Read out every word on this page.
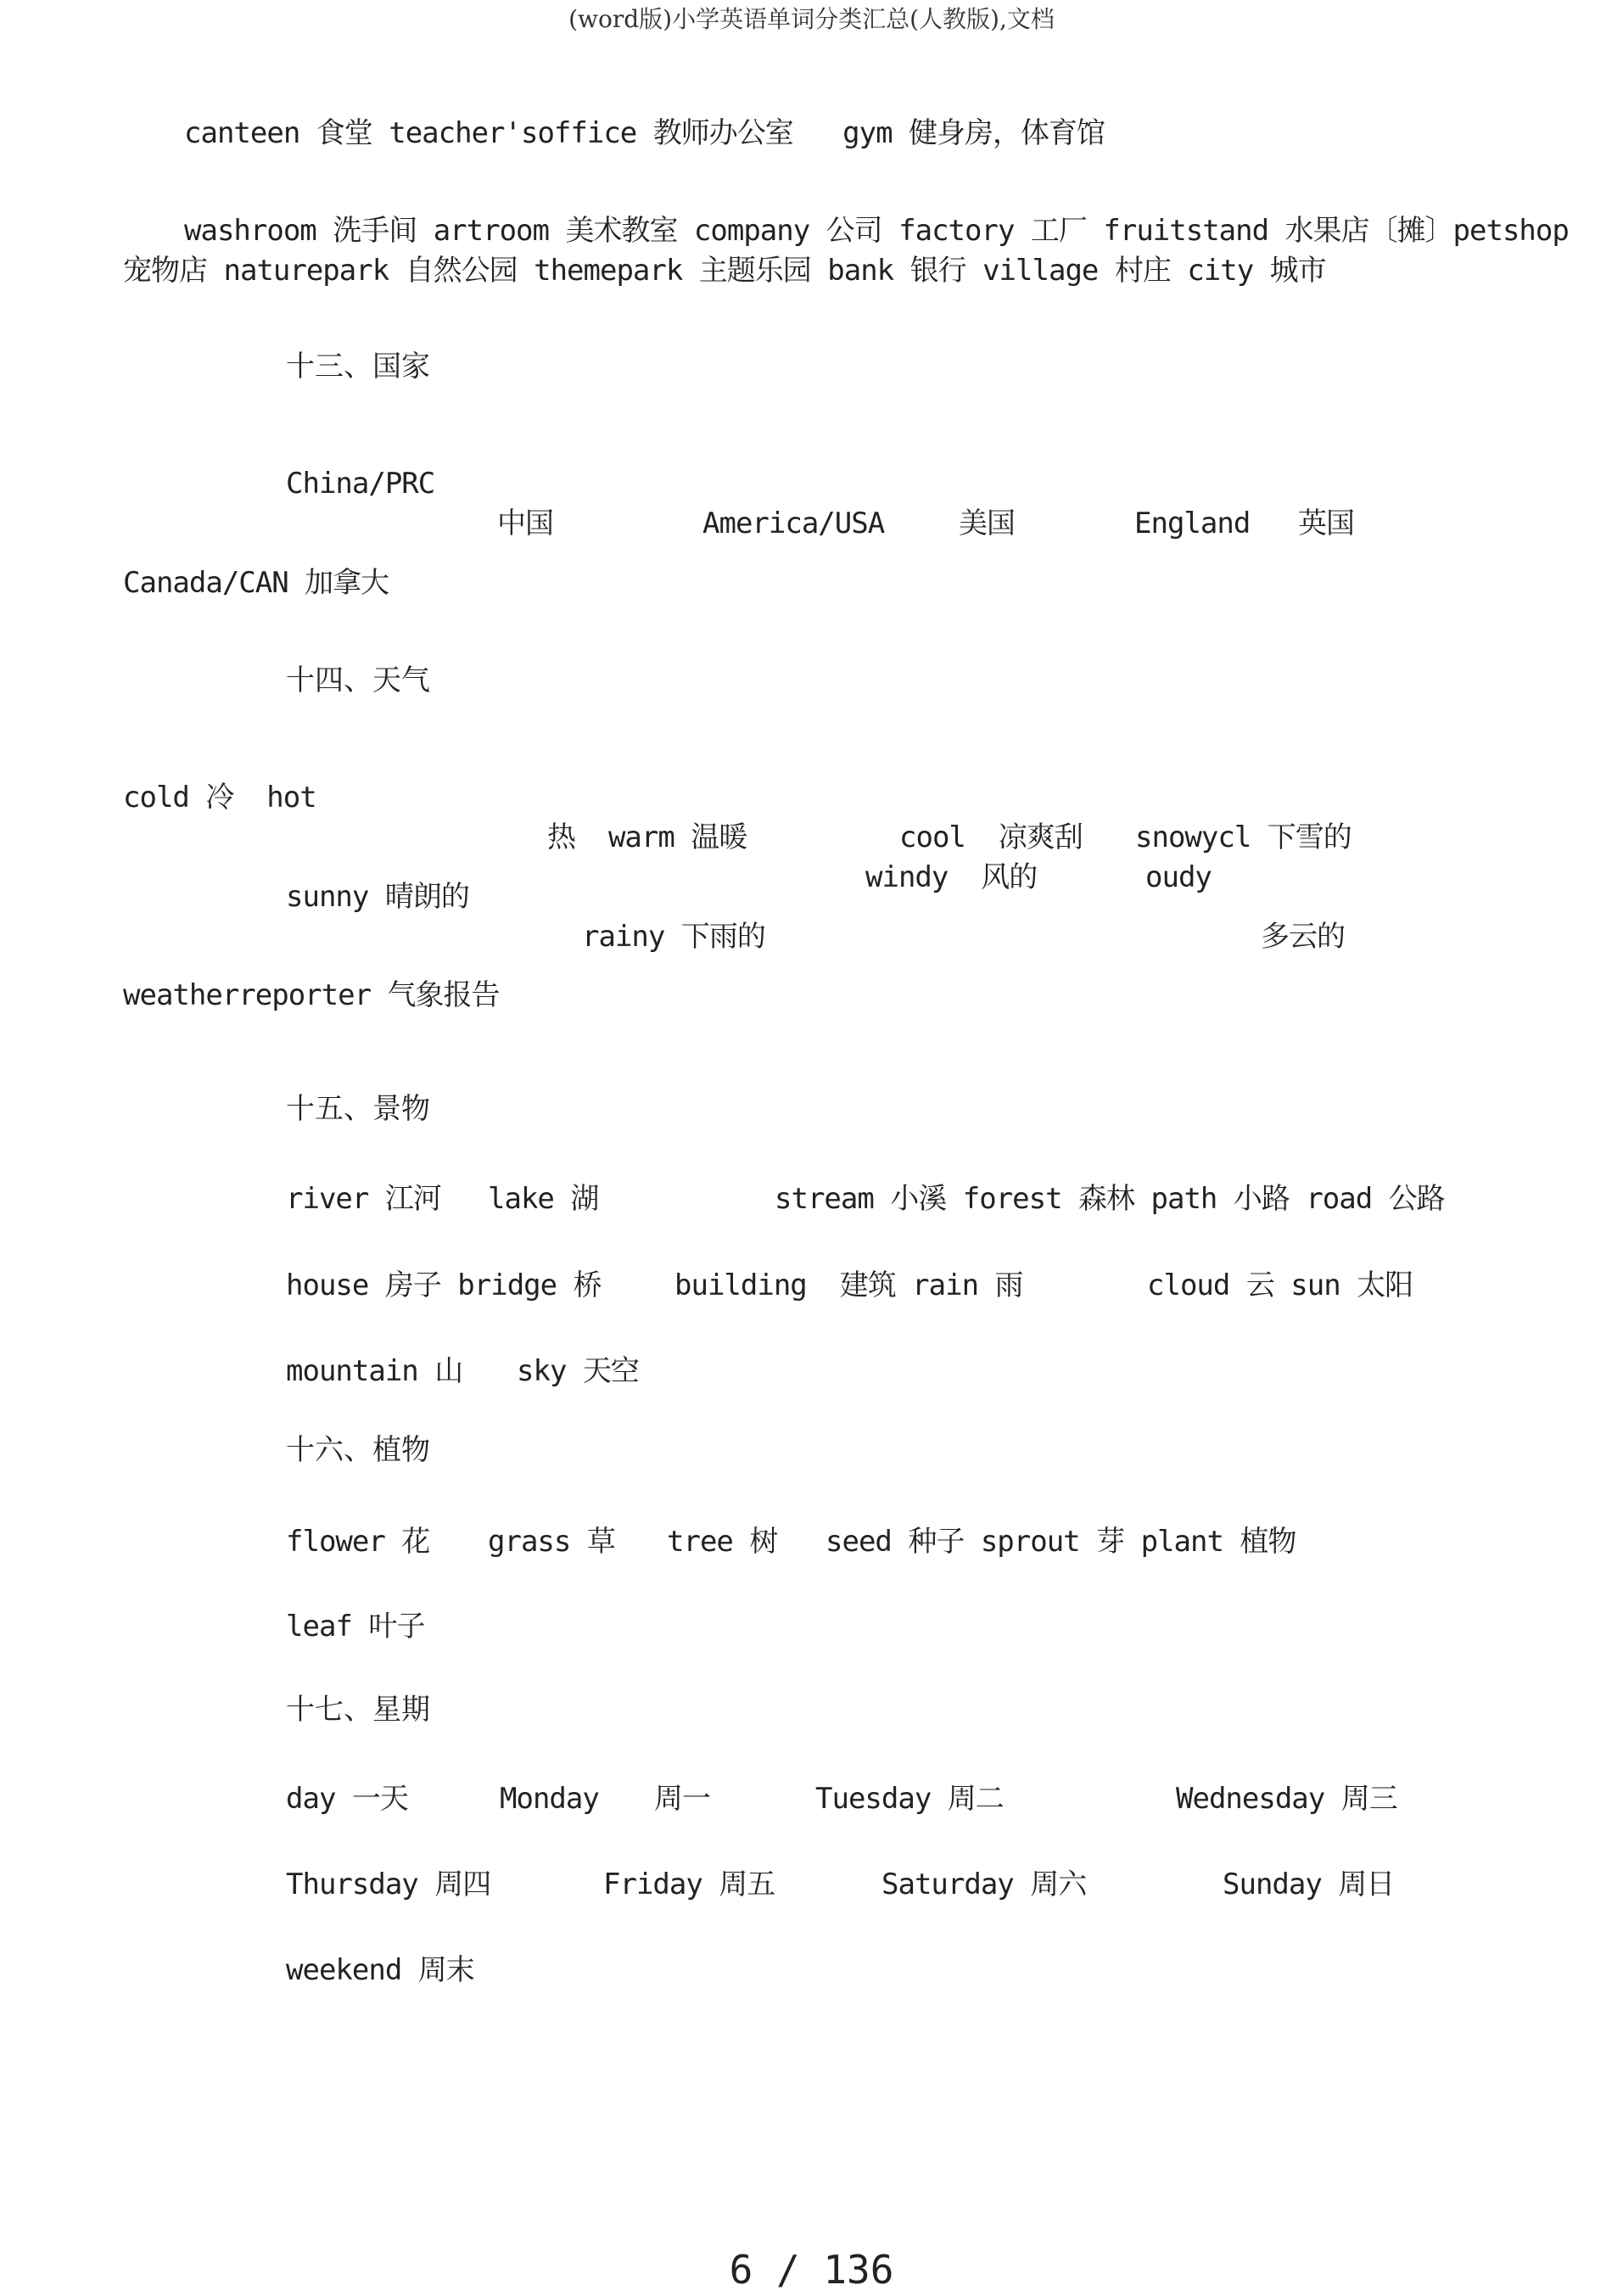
(word版)小学英语单词分类汇总(人教版),文档
canteen 食堂 teacher'soffice 教师办公室   gym 健身房，体育馆
washroom 洗手间 artroom 美术教室 company 公司 factory 工厂 fruitstand 水果店〔摊〕petshop
宠物店 naturepark 自然公园 themepark 主题乐园 bank 银行 village 村庄 city 城市
十三、国家
China/PRC
中国	America/USA	美国	England 英国
Canada/CAN 加拿大
十四、天气
cold 冷  hot
热  warm 温暖	cool  凉爽刮 snowycl 下雪的
windy  风的	oudy
sunny 晴朗的
rainy 下雨的	多云的
weatherreporter 气象报告
十五、景物
river 江河 lake 湖	stream 小溪 forest 森林 path 小路 road 公路
house 房子 bridge 桥	building  建筑 rain 雨	cloud 云 sun 太阳
mountain 山 sky 天空
十六、植物
flower 花 grass 草 tree 树 seed 种子 sprout 芽 plant 植物
leaf 叶子
十七、星期
day 一天	Monday 周一	Tuesday 周二	Wednesday 周三
Thursday 周四	Friday 周五	Saturday 周六	Sunday 周日
weekend 周末
6 / 136
